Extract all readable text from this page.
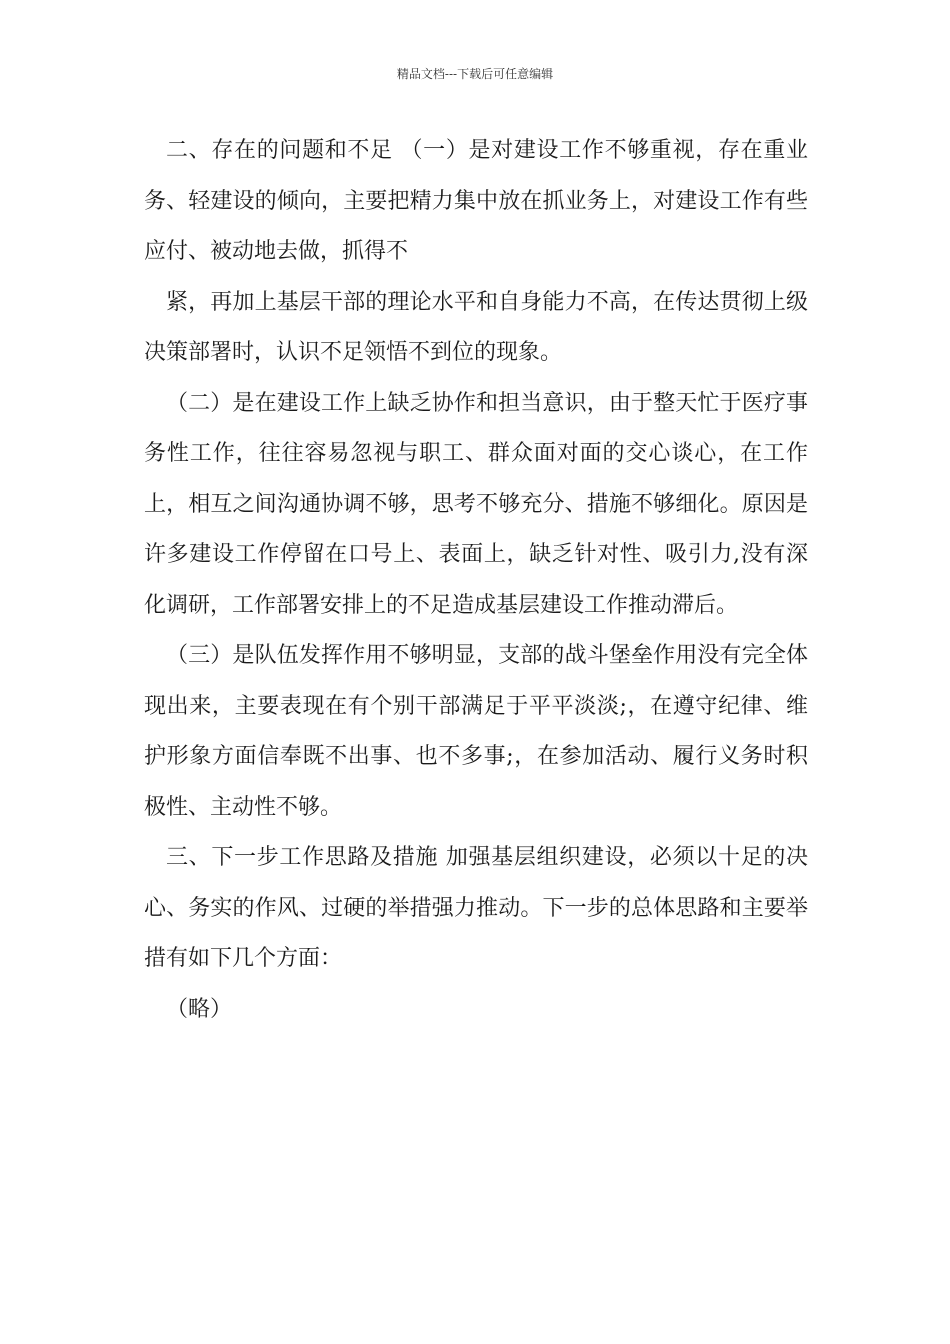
精品文档---下载后可任意编辑

二、存在的问题和不足 （一）是对建设工作不够重视，存在重业务、轻建设的倾向，主要把精力集中放在抓业务上，对建设工作有些应付、被动地去做，抓得不

紧，再加上基层干部的理论水平和自身能力不高，在传达贯彻上级决策部署时，认识不足领悟不到位的现象。

（二）是在建设工作上缺乏协作和担当意识，由于整天忙于医疗事务性工作，往往容易忽视与职工、群众面对面的交心谈心，在工作上，相互之间沟通协调不够，思考不够充分、措施不够细化。原因是许多建设工作停留在口号上、表面上，缺乏针对性、吸引力,没有深化调研，工作部署安排上的不足造成基层建设工作推动滞后。

（三）是队伍发挥作用不够明显，支部的战斗堡垒作用没有完全体现出来，主要表现在有个别干部满足于平平淡淡;，在遵守纪律、维护形象方面信奉既不出事、也不多事;，在参加活动、履行义务时积极性、主动性不够。

三、下一步工作思路及措施 加强基层组织建设，必须以十足的决心、务实的作风、过硬的举措强力推动。下一步的总体思路和主要举措有如下几个方面：

（略）
